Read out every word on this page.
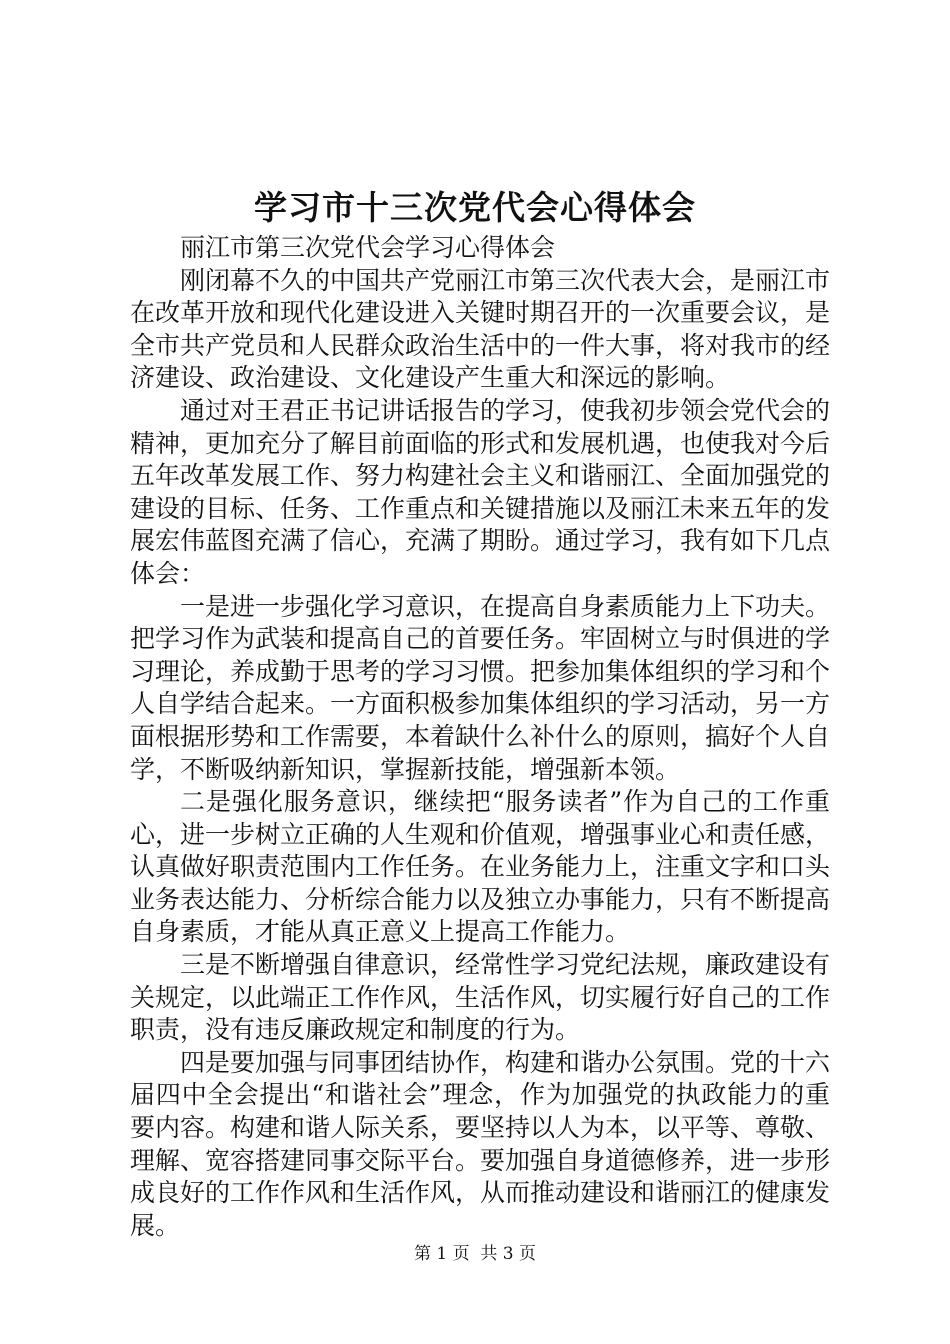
学习市十三次党代会心得体会

丽江市第三次党代会学习心得体会

刚闭幕不久的中国共产党丽江市第三次代表大会，是丽江市在改革开放和现代化建设进入关键时期召开的一次重要会议，是全市共产党员和人民群众政治生活中的一件大事，将对我市的经济建设、政治建设、文化建设产生重大和深远的影响。

通过对王君正书记讲话报告的学习，使我初步领会党代会的精神，更加充分了解目前面临的形式和发展机遇，也使我对今后五年改革发展工作、努力构建社会主义和谐丽江、全面加强党的建设的目标、任务、工作重点和关键措施以及丽江未来五年的发展宏伟蓝图充满了信心，充满了期盼。通过学习，我有如下几点体会：

一是进一步强化学习意识，在提高自身素质能力上下功夫。把学习作为武装和提高自己的首要任务。牢固树立与时俱进的学习理论，养成勤于思考的学习习惯。把参加集体组织的学习和个人自学结合起来。一方面积极参加集体组织的学习活动，另一方面根据形势和工作需要，本着缺什么补什么的原则，搞好个人自学，不断吸纳新知识，掌握新技能，增强新本领。

二是强化服务意识，继续把“服务读者”作为自己的工作重心，进一步树立正确的人生观和价值观，增强事业心和责任感，认真做好职责范围内工作任务。在业务能力上，注重文字和口头业务表达能力、分析综合能力以及独立办事能力，只有不断提高自身素质，才能从真正意义上提高工作能力。

三是不断增强自律意识，经常性学习党纪法规，廉政建设有关规定，以此端正工作作风，生活作风，切实履行好自己的工作职责，没有违反廉政规定和制度的行为。

四是要加强与同事团结协作，构建和谐办公氛围。党的十六届四中全会提出“和谐社会”理念，作为加强党的执政能力的重要内容。构建和谐人际关系，要坚持以人为本，以平等、尊敬、理解、宽容搭建同事交际平台。要加强自身道德修养，进一步形成良好的工作作风和生活作风，从而推动建设和谐丽江的健康发展。

第 1 页  共 3 页
